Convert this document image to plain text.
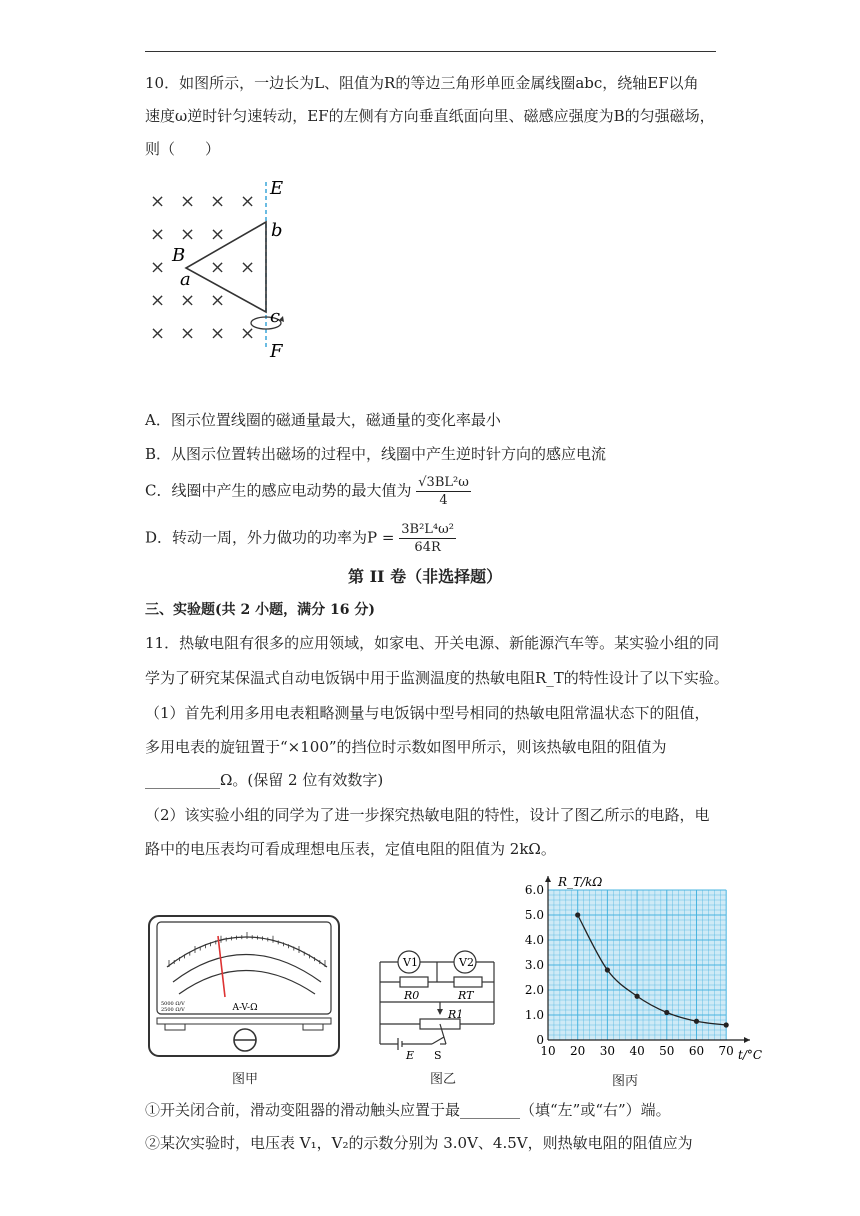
10．如图所示，一边长为L、阻值为R的等边三角形单匝金属线圈abc，绕轴EF以角
速度ω逆时针匀速转动，EF的左侧有方向垂直纸面向里、磁感应强度为B的匀强磁场，
则（　　）
× × × ×
× × ×
× × ×
× × ×
× × × ×
E
F
b
c
a
B
A．图示位置线圈的磁通量最大，磁通量的变化率最小
B．从图示位置转出磁场的过程中，线圈中产生逆时针方向的感应电流
C．线圈中产生的感应电动势的最大值为 $\frac{\text{√3BL²ω}}{4}$
D．转动一周，外力做功的功率为$P = \frac{\text{3B²L⁴ω²}}{64R}$
第 II 卷（非选择题）
三、实验题(共 2 小题，满分 16 分)
11．热敏电阻有很多的应用领域，如家电、开关电源、新能源汽车等。某实验小组的同
学为了研究某保温式自动电饭锅中用于监测温度的热敏电阻R_T的特性设计了以下实验。
（1）首先利用多用电表粗略测量与电饭锅中型号相同的热敏电阻常温状态下的阻值，
多用电表的旋钮置于“×100”的挡位时示数如图甲所示，则该热敏电阻的阻值为
__________Ω。(保留 2 位有效数字)
（2）该实验小组的同学为了进一步探究热敏电阻的特性，设计了图乙所示的电路，电
路中的电压表均可看成理想电压表，定值电阻的阻值为 2kΩ。
A-V-Ω
5000 Ω/V
2500 Ω/V
图甲
V1	V2
R0	RT
R1
E S
图乙
10 20 30 40 50 60 70
0
1.0
2.0
3.0
4.0
5.0
6.0
R_T/kΩ
t/°C
图丙
①开关闭合前，滑动变阻器的滑动触头应置于最________（填“左”或“右”）端。
②某次实验时，电压表 V₁，V₂的示数分别为 3.0V、4.5V，则热敏电阻的阻值应为
